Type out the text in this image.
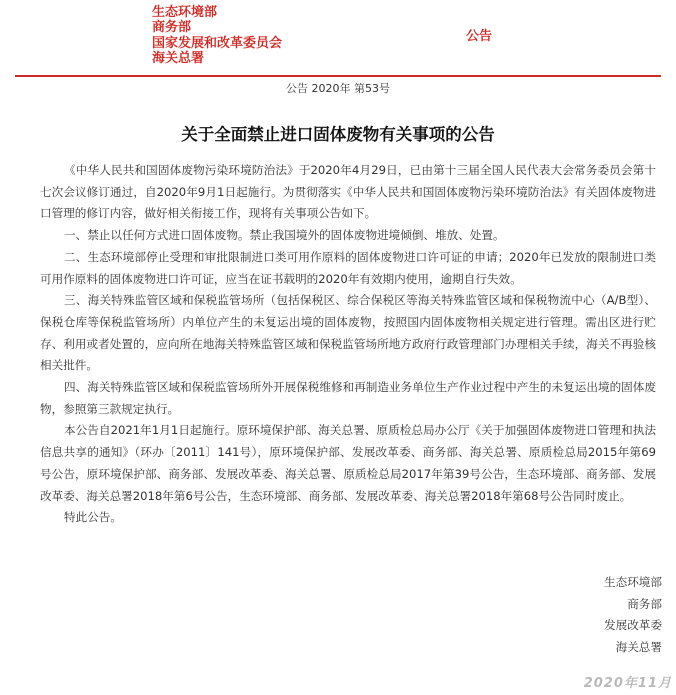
生态环境部
商务部
国家发展和改革委员会
海关总署
公告
公告 2020年 第53号
关于全面禁止进口固体废物有关事项的公告

《中华人民共和国固体废物污染环境防治法》于2020年4月29日，已由第十三届全国人民代表大会常务委员会第十七次会议修订通过，自2020年9月1日起施行。为贯彻落实《中华人民共和国固体废物污染环境防治法》有关固体废物进口管理的修订内容，做好相关衔接工作，现将有关事项公告如下。

一、禁止以任何方式进口固体废物。禁止我国境外的固体废物进境倾倒、堆放、处置。

二、生态环境部停止受理和审批限制进口类可用作原料的固体废物进口许可证的申请；2020年已发放的限制进口类可用作原料的固体废物进口许可证，应当在证书载明的2020年有效期内使用，逾期自行失效。

三、海关特殊监管区域和保税监管场所（包括保税区、综合保税区等海关特殊监管区域和保税物流中心（A/B型）、保税仓库等保税监管场所）内单位产生的未复运出境的固体废物，按照国内固体废物相关规定进行管理。需出区进行贮存、利用或者处置的，应向所在地海关特殊监管区域和保税监管场所地方政府行政管理部门办理相关手续，海关不再验核相关批件。

四、海关特殊监管区域和保税监管场所外开展保税维修和再制造业务单位生产作业过程中产生的未复运出境的固体废物，参照第三款规定执行。

本公告自2021年1月1日起施行。原环境保护部、海关总署、原质检总局办公厅《关于加强固体废物进口管理和执法信息共享的通知》（环办〔2011〕141号），原环境保护部、发展改革委、商务部、海关总署、原质检总局2015年第69号公告，原环境保护部、商务部、发展改革委、海关总署、原质检总局2017年第39号公告，生态环境部、商务部、发展改革委、海关总署2018年第6号公告，生态环境部、商务部、发展改革委、海关总署2018年第68号公告同时废止。

特此公告。

生态环境部
商务部
发展改革委
海关总署
2020年11月
